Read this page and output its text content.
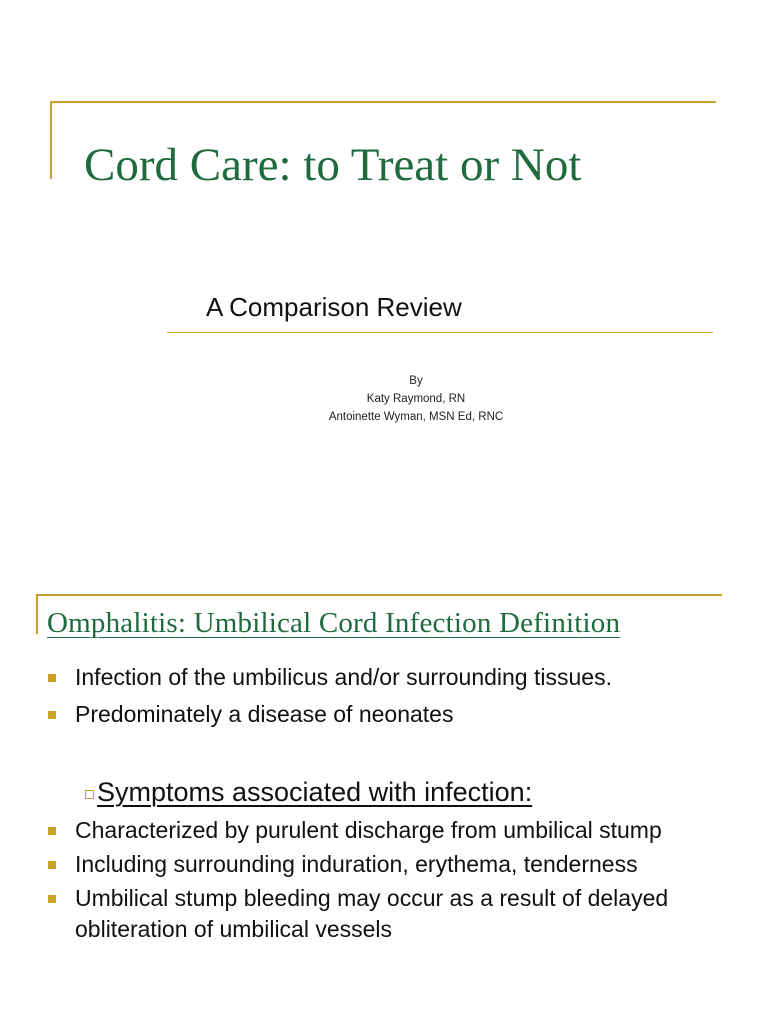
Cord Care: to Treat or Not
A Comparison Review
By
Katy Raymond, RN
Antoinette Wyman, MSN Ed, RNC
Omphalitis: Umbilical Cord Infection Definition
Infection of the umbilicus and/or surrounding tissues.
Predominately a disease of neonates
Symptoms associated with infection:
Characterized by purulent discharge from umbilical stump
Including surrounding induration, erythema, tenderness
Umbilical stump bleeding may occur as a result of delayed obliteration of umbilical vessels
